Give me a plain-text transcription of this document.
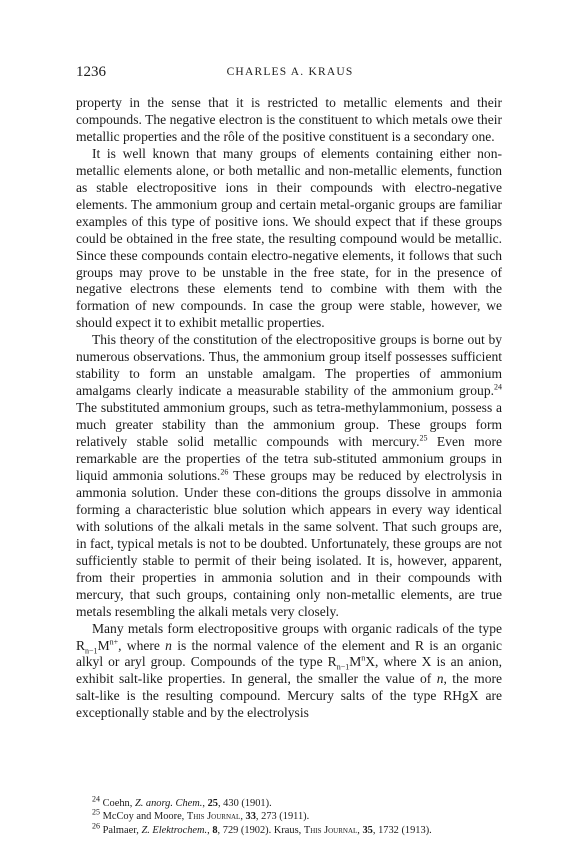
1236	CHARLES A. KRAUS

property in the sense that it is restricted to metallic elements and their compounds. The negative electron is the constituent to which metals owe their metallic properties and the rôle of the positive constituent is a secondary one.

It is well known that many groups of elements containing either non-metallic elements alone, or both metallic and non-metallic elements, function as stable electropositive ions in their compounds with electro-negative elements. The ammonium group and certain metal-organic groups are familiar examples of this type of positive ions. We should expect that if these groups could be obtained in the free state, the resulting compound would be metallic. Since these compounds contain electro-negative elements, it follows that such groups may prove to be unstable in the free state, for in the presence of negative electrons these elements tend to combine with them with the formation of new compounds. In case the group were stable, however, we should expect it to exhibit metallic properties.

This theory of the constitution of the electropositive groups is borne out by numerous observations. Thus, the ammonium group itself possesses sufficient stability to form an unstable amalgam. The properties of ammonium amalgams clearly indicate a measurable stability of the ammonium group.$^{24}$ The substituted ammonium groups, such as tetra-methylammonium, possess a much greater stability than the ammonium group. These groups form relatively stable solid metallic compounds with mercury.$^{25}$ Even more remarkable are the properties of the tetra sub-stituted ammonium groups in liquid ammonia solutions.$^{26}$ These groups may be reduced by electrolysis in ammonia solution. Under these con-ditions the groups dissolve in ammonia forming a characteristic blue solution which appears in every way identical with solutions of the alkali metals in the same solvent. That such groups are, in fact, typical metals is not to be doubted. Unfortunately, these groups are not sufficiently stable to permit of their being isolated. It is, however, apparent, from their properties in ammonia solution and in their compounds with mercury, that such groups, containing only non-metallic elements, are true metals resembling the alkali metals very closely.

Many metals form electropositive groups with organic radicals of the type $R_{n-1}M^{n+}$, where n is the normal valence of the element and R is an organic alkyl or aryl group. Compounds of the type $R_{n-1}M^nX$, where X is an anion, exhibit salt-like properties. In general, the smaller the value of n, the more salt-like is the resulting compound. Mercury salts of the type RHgX are exceptionally stable and by the electrolysis

$^{24}$ Coehn, Z. anorg. Chem., 25, 430 (1901).
$^{25}$ McCoy and Moore, This Journal, 33, 273 (1911).
$^{26}$ Palmaer, Z. Elektrochem., 8, 729 (1902). Kraus, This Journal, 35, 1732 (1913).
